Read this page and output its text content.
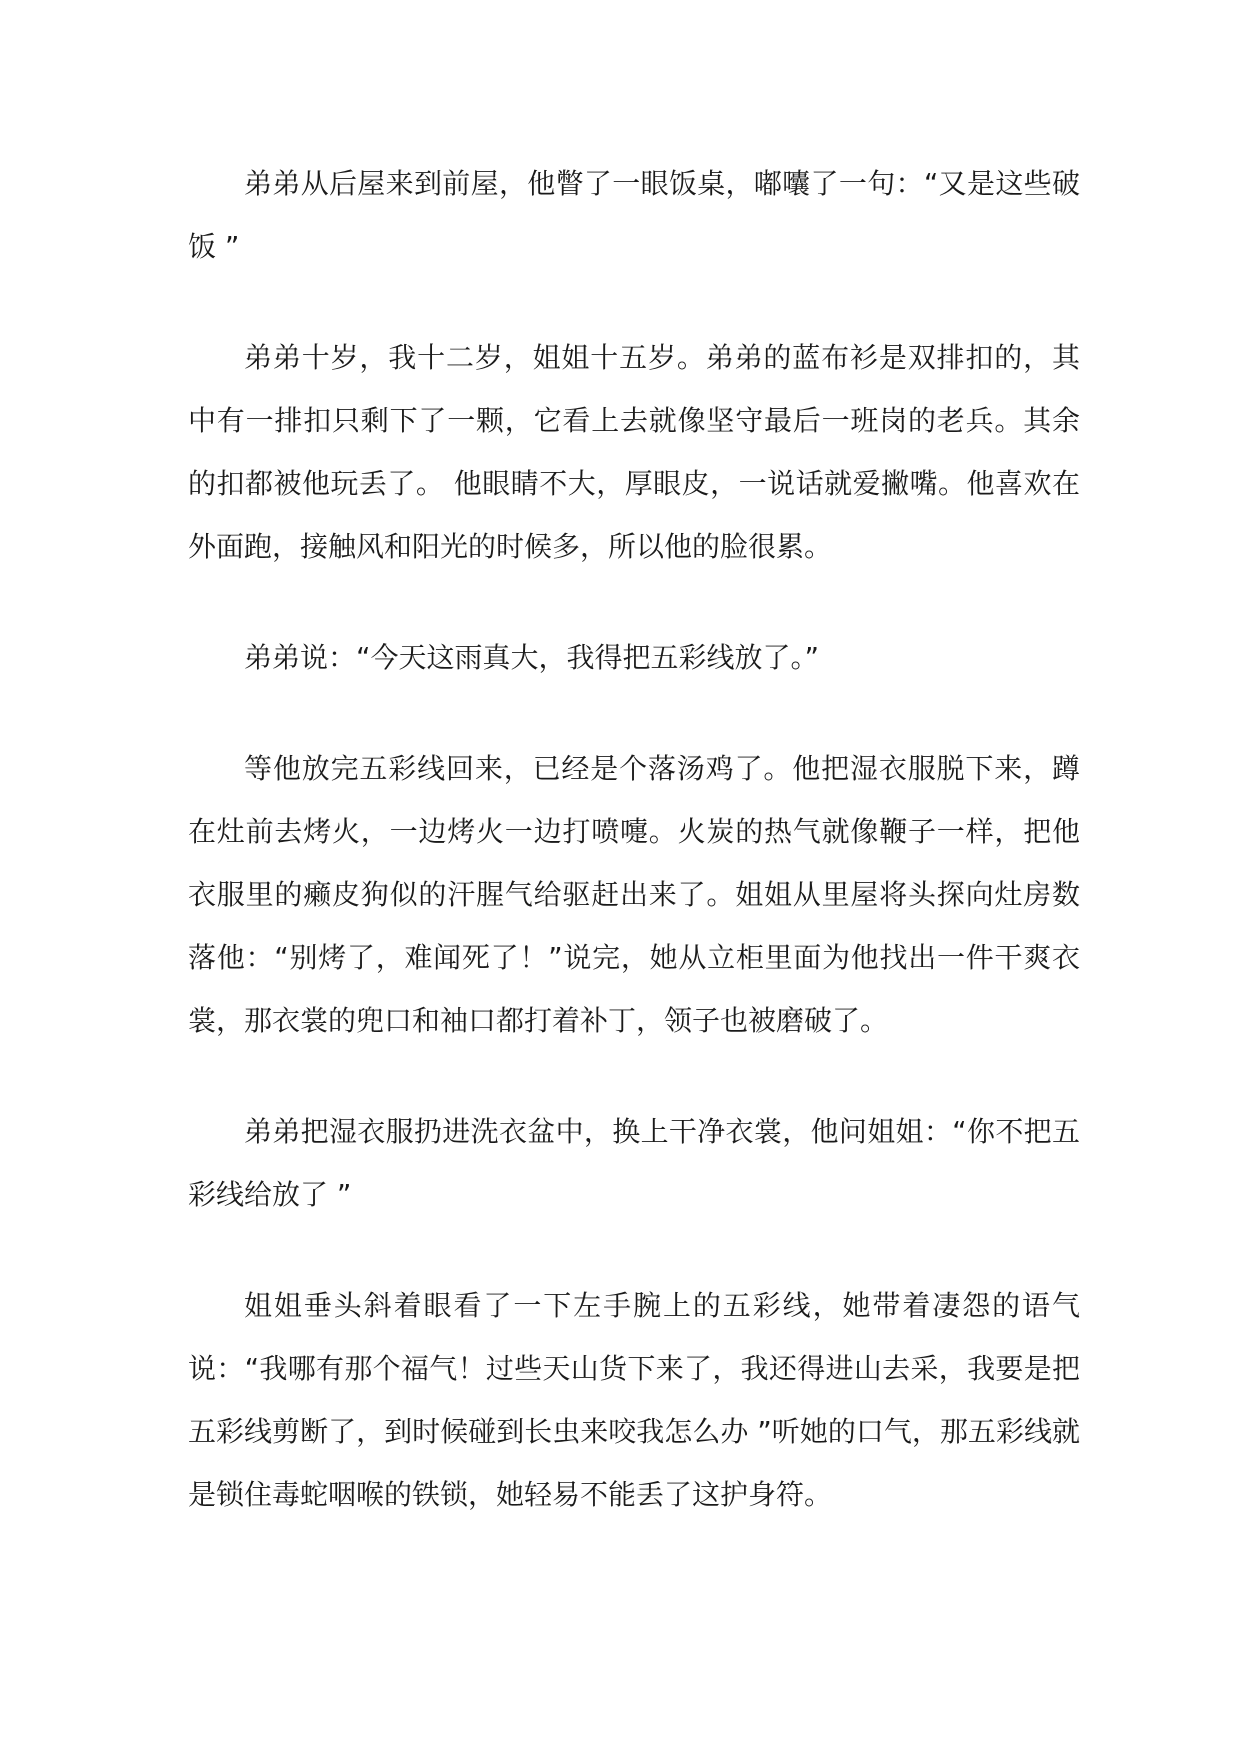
弟弟从后屋来到前屋，他瞥了一眼饭桌，嘟囔了一句：“又是这些破饭 ”

弟弟十岁，我十二岁，姐姐十五岁。弟弟的蓝布衫是双排扣的，其中有一排扣只剩下了一颗，它看上去就像坚守最后一班岗的老兵。其余的扣都被他玩丢了。 他眼睛不大，厚眼皮，一说话就爱撇嘴。他喜欢在外面跑，接触风和阳光的时候多，所以他的脸很累。

弟弟说：“今天这雨真大，我得把五彩线放了。”

等他放完五彩线回来，已经是个落汤鸡了。他把湿衣服脱下来，蹲在灶前去烤火，一边烤火一边打喷嚏。火炭的热气就像鞭子一样，把他衣服里的癞皮狗似的汗腥气给驱赶出来了。姐姐从里屋将头探向灶房数落他：“别烤了，难闻死了！”说完，她从立柜里面为他找出一件干爽衣裳，那衣裳的兜口和袖口都打着补丁，领子也被磨破了。

弟弟把湿衣服扔进洗衣盆中，换上干净衣裳，他问姐姐：“你不把五彩线给放了 ”

姐姐垂头斜着眼看了一下左手腕上的五彩线，她带着凄怨的语气说：“我哪有那个福气！过些天山货下来了，我还得进山去采，我要是把五彩线剪断了，到时候碰到长虫来咬我怎么办 ”听她的口气，那五彩线就是锁住毒蛇咽喉的铁锁，她轻易不能丢了这护身符。
